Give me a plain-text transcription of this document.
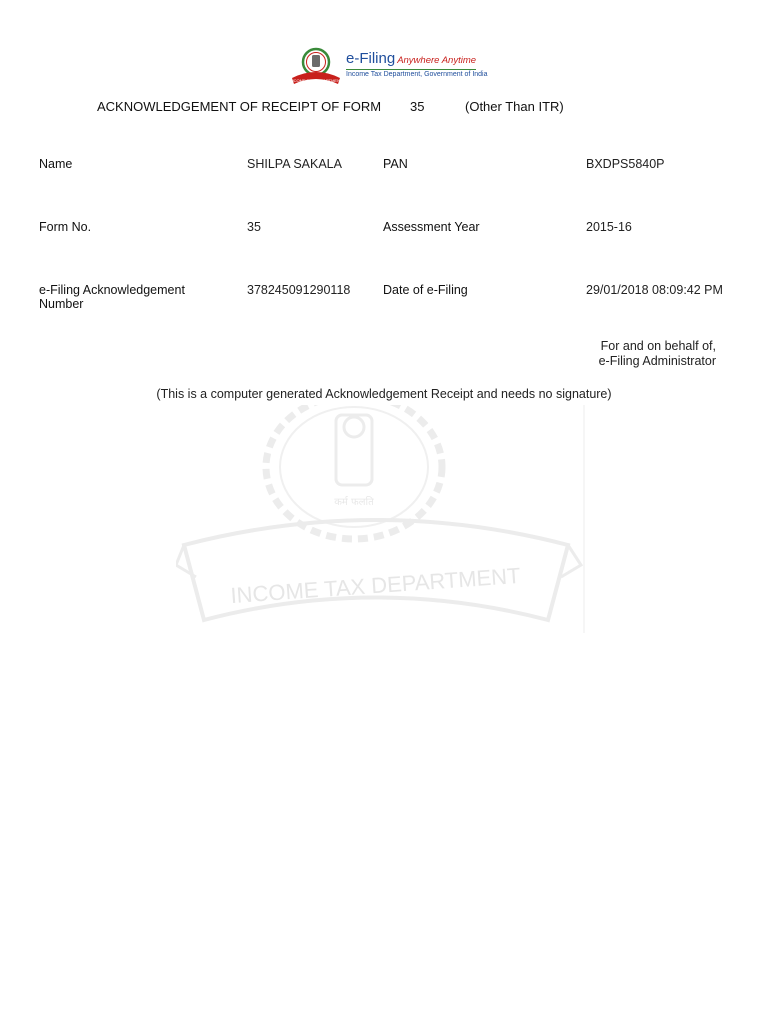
INCOME TAX DEPARTMENT
e-Filing Anywhere Anytime
Income Tax Department, Government of India
ACKNOWLEDGEMENT OF RECEIPT OF FORM 35	(Other Than ITR)
Name	SHILPA SAKALA	PAN	BXDPS5840P
Form No.	35	Assessment Year	2015-16
e-Filing Acknowledgement Number
378245091290118	Date of e-Filing	29/01/2018 08:09:42 PM
For and on behalf of,
e-Filing Administrator
(This is a computer generated Acknowledgement Receipt and needs no signature)
कर्म फलति
INCOME TAX DEPARTMENT
